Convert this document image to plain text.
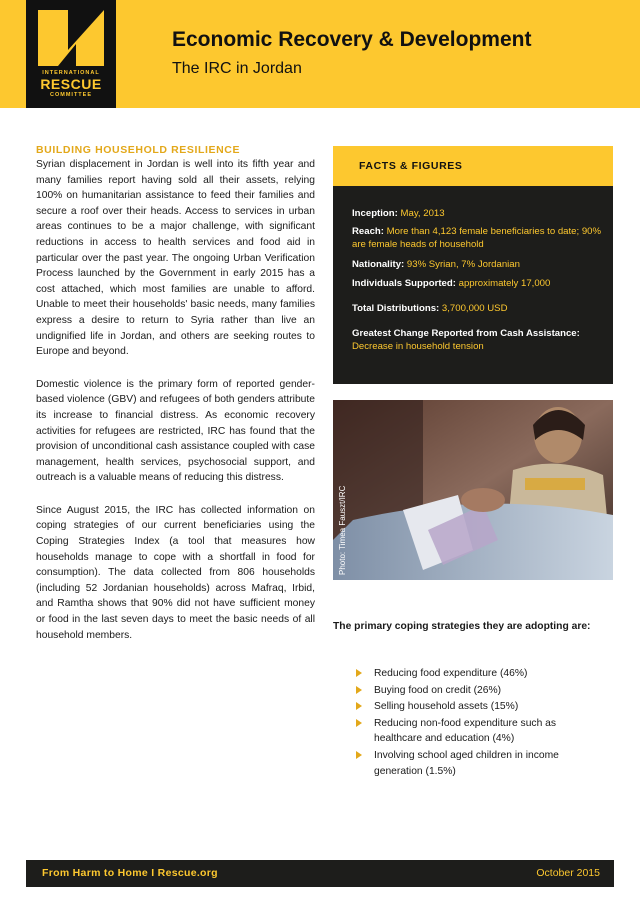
INTERNATIONAL
RESCUE
COMMITTEE
Economic Recovery & Development
The IRC in Jordan
BUILDING HOUSEHOLD RESILIENCE

Syrian displacement in Jordan is well into its fifth year and many families report having sold all their assets, relying 100% on humanitarian assistance to feed their families and secure a roof over their heads. Access to services in urban areas continues to be a major challenge, with significant reductions in access to health services and food aid in particular over the past year. The ongoing Urban Verification Process launched by the Government in early 2015 has a cost attached, which most families are unable to afford. Unable to meet their households' basic needs, many families express a desire to return to Syria rather than live an undignified life in Jordan, and others are seeking routes to Europe and beyond.

Domestic violence is the primary form of reported gender-based violence (GBV) and refugees of both genders attribute its increase to financial distress. As economic recovery activities for refugees are restricted, IRC has found that the provision of unconditional cash assistance coupled with case management, health services, psychosocial support, and outreach is a valuable means of reducing this distress.

Since August 2015, the IRC has collected information on coping strategies of our current beneficiaries using the Coping Strategies Index (a tool that measures how households manage to cope with a shortfall in food for consumption). The data collected from 806 households (including 52 Jordanian households) across Mafraq, Irbid, and Ramtha shows that 90% did not have sufficient money or food in the last seven days to meet the basic needs of all household members.

FACTS & FIGURES
Inception: May, 2013
Reach: More than 4,123 female beneficiaries to date; 90% are female heads of household
Nationality: 93% Syrian, 7% Jordanian
Individuals Supported: approximately 17,000
Total Distributions: 3,700,000 USD
Greatest Change Reported from Cash Assistance: Decrease in household tension
Photo: Timea Fauszt/IRC
The primary coping strategies they are adopting are:
Reducing food expenditure (46%)
Buying food on credit (26%)
Selling household assets (15%)
Reducing non-food expenditure such as healthcare and education (4%)
Involving school aged children in income generation (1.5%)
From Harm to Home I Rescue.org	October 2015
